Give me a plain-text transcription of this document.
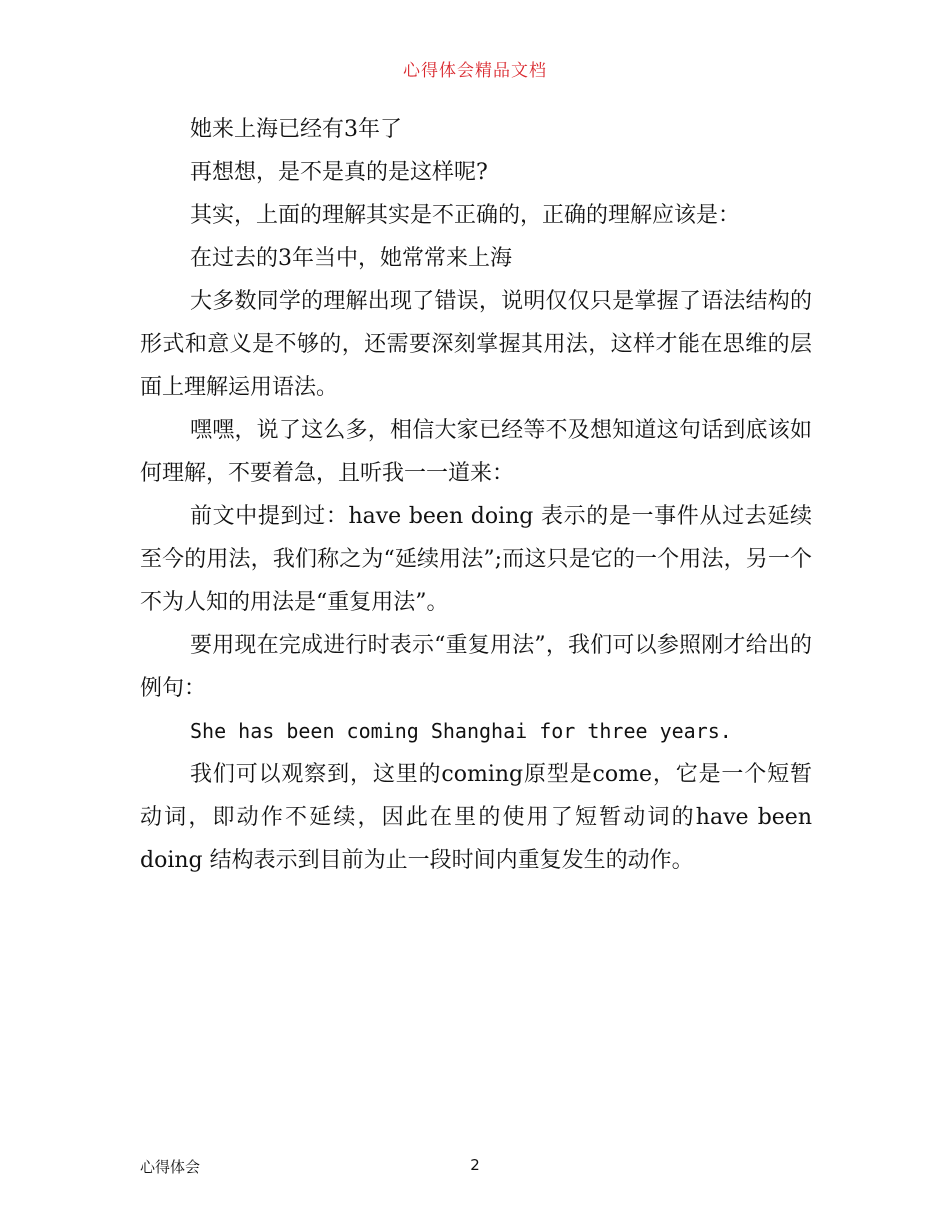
心得体会精品文档

她来上海已经有3年了

再想想，是不是真的是这样呢?

其实，上面的理解其实是不正确的，正确的理解应该是：

在过去的3年当中，她常常来上海

大多数同学的理解出现了错误，说明仅仅只是掌握了语法结构的形式和意义是不够的，还需要深刻掌握其用法，这样才能在思维的层面上理解运用语法。

嘿嘿，说了这么多，相信大家已经等不及想知道这句话到底该如何理解，不要着急，且听我一一道来：

前文中提到过：have been doing 表示的是一事件从过去延续至今的用法，我们称之为“延续用法”;而这只是它的一个用法，另一个不为人知的用法是“重复用法”。

要用现在完成进行时表示“重复用法”，我们可以参照刚才给出的例句：

She has been coming Shanghai for three years.

我们可以观察到，这里的coming原型是come，它是一个短暂动词，即动作不延续，因此在里的使用了短暂动词的have been doing 结构表示到目前为止一段时间内重复发生的动作。

心得体会	2
